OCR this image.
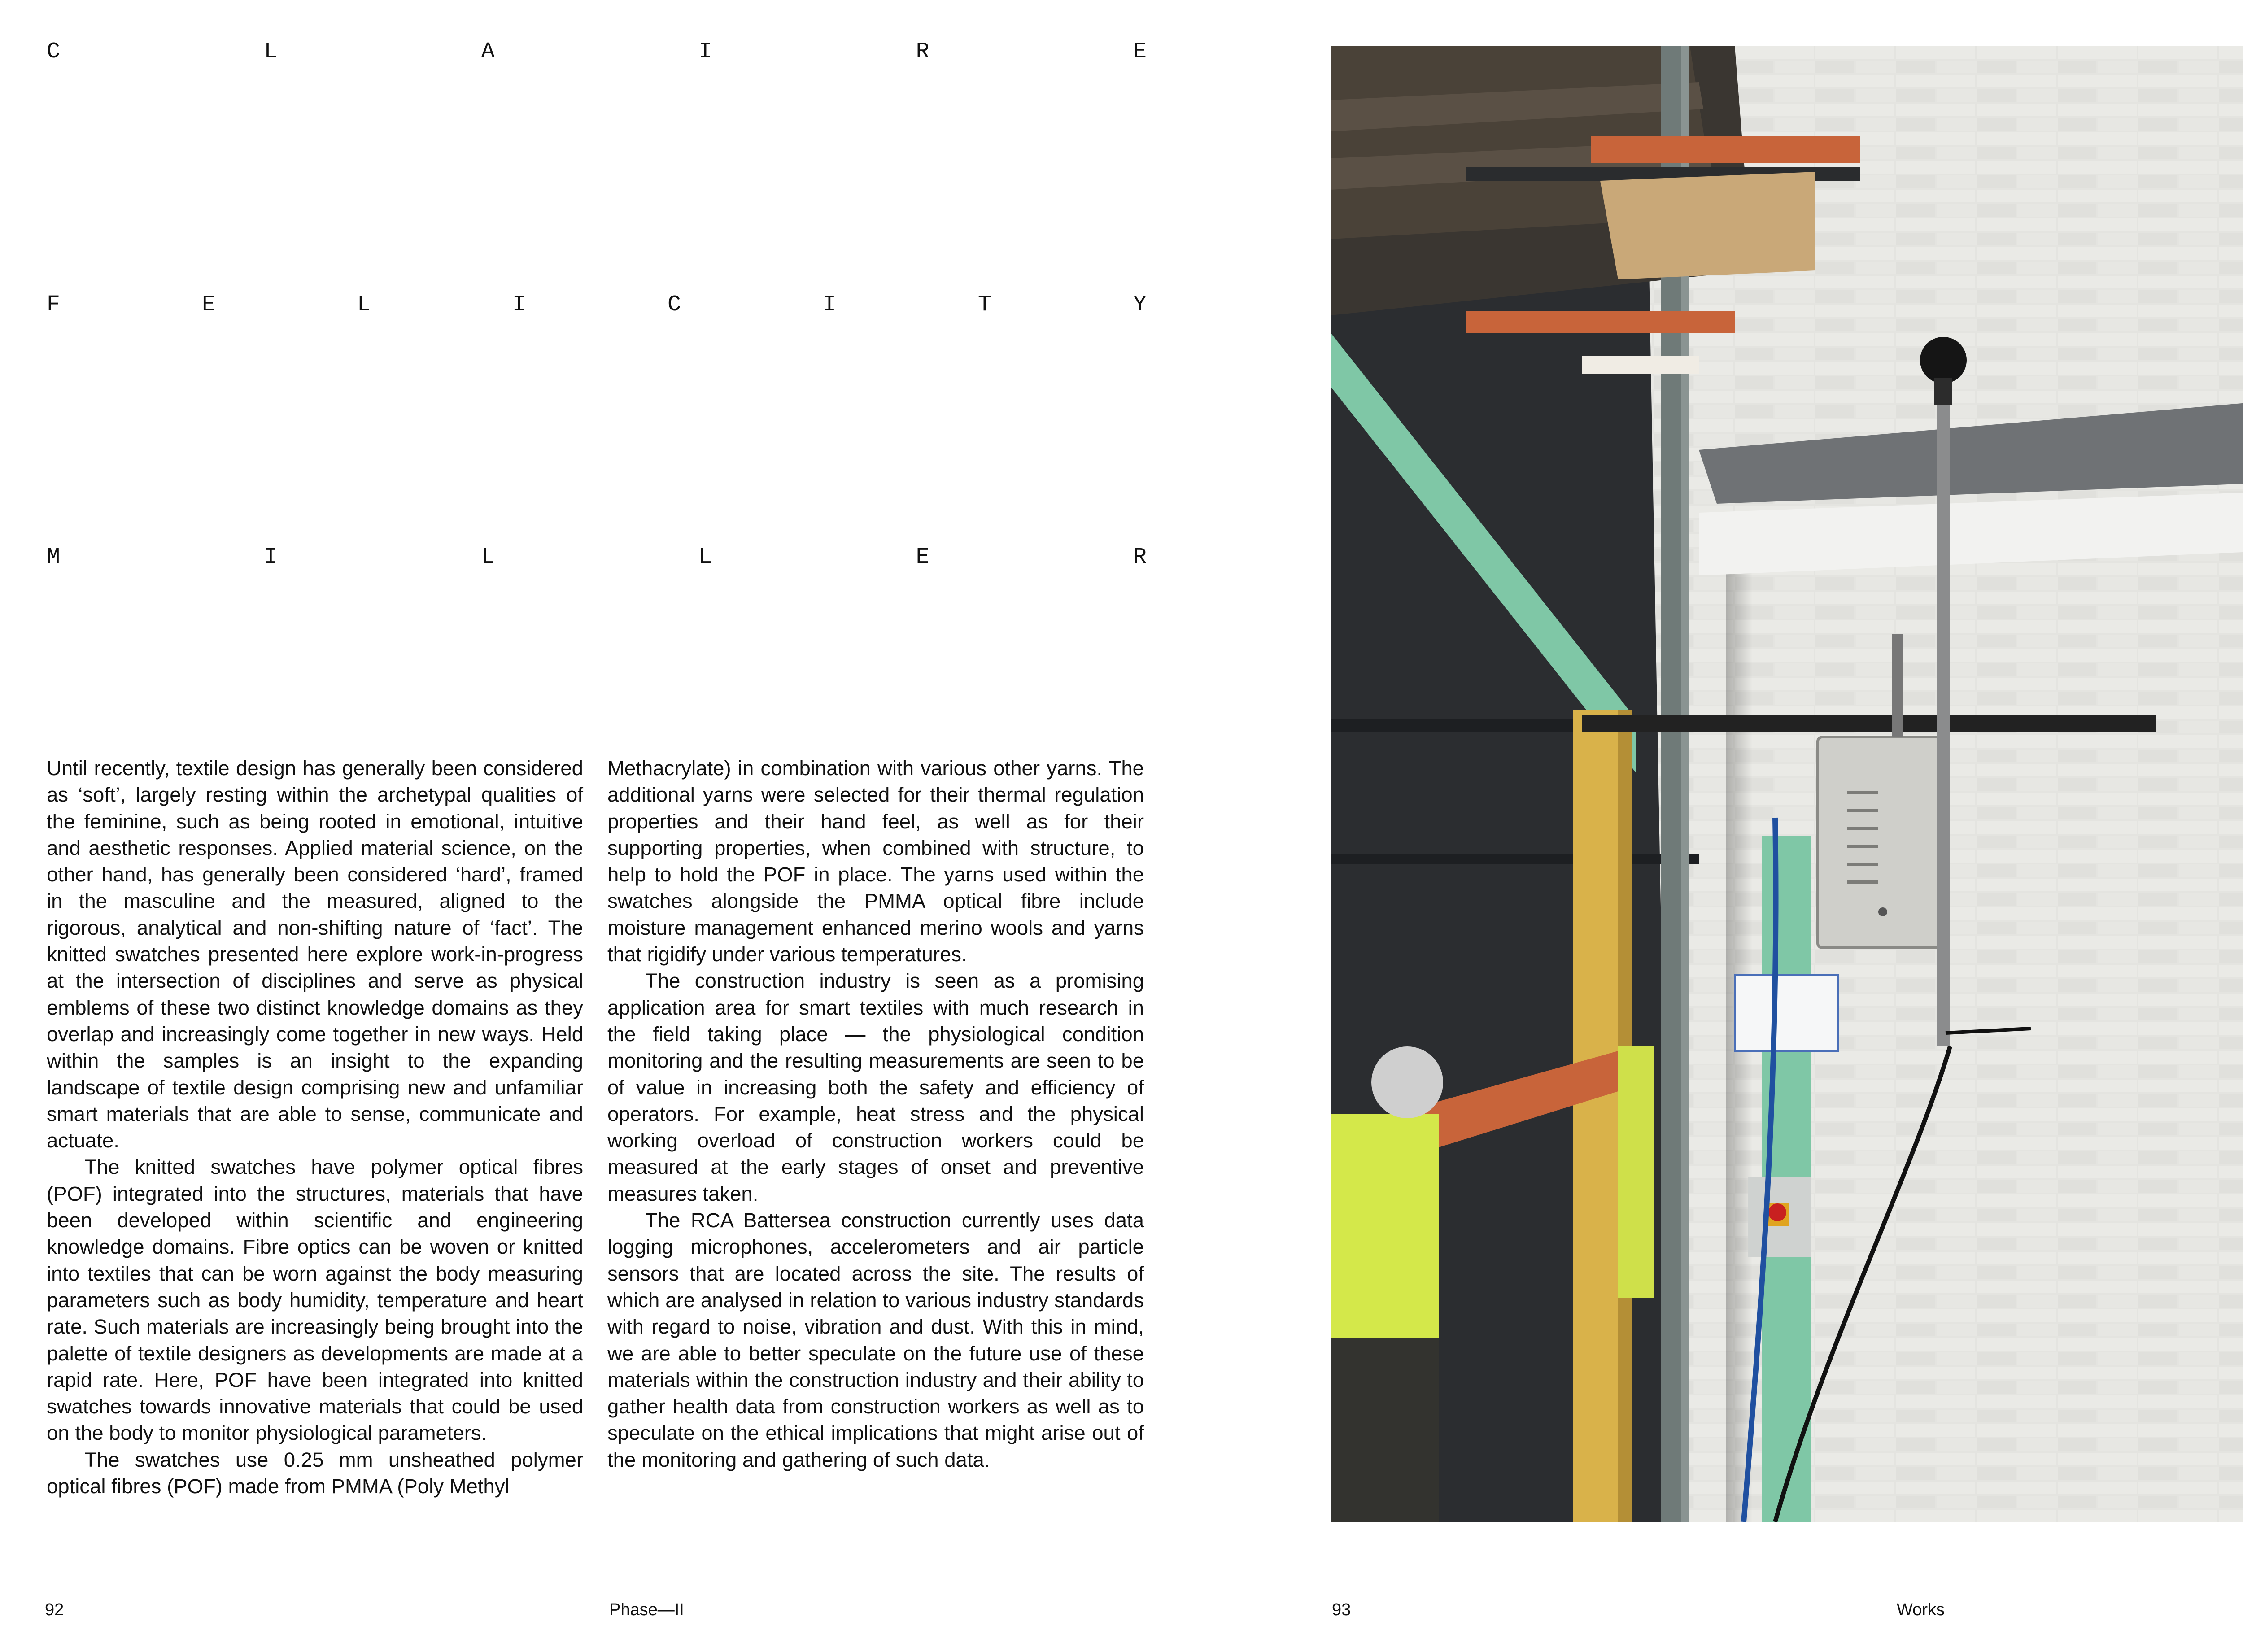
C	L	A	I	R	E
F	E	L	I	C	I	T	Y
M	I	L	L	E	R

Until recently, textile design has generally been considered as ‘soft’, largely resting within the archetypal qualities of the feminine, such as being rooted in emotional, intuitive and aesthetic responses. Applied material science, on the other hand, has generally been considered ‘hard’, framed in the masculine and the measured, aligned to the rigorous, analytical and non-shifting nature of ‘fact’. The knitted swatches presented here explore work-in-progress at the intersection of disciplines and serve as physical emblems of these two distinct knowledge domains as they overlap and increasingly come together in new ways. Held within the samples is an insight to the expanding landscape of textile design comprising new and unfamiliar smart materials that are able to sense, communicate and actuate.

The knitted swatches have polymer optical fibres (POF) integrated into the structures, materials that have been developed within scientific and engineering knowledge domains. Fibre optics can be woven or knitted into textiles that can be worn against the body measuring parameters such as body humidity, temperature and heart rate. Such materials are increasingly being brought into the palette of textile designers as developments are made at a rapid rate. Here, POF have been integrated into knitted swatches towards innovative materials that could be used on the body to monitor physiological parameters.

The swatches use 0.25 mm unsheathed polymer optical fibres (POF) made from PMMA (Poly Methyl

Methacrylate) in combination with various other yarns. The additional yarns were selected for their thermal regulation properties and their hand feel, as well as for their supporting properties, when combined with structure, to help to hold the POF in place. The yarns used within the swatches alongside the PMMA optical fibre include moisture management enhanced merino wools and yarns that rigidify under various temperatures.

The construction industry is seen as a promising application area for smart textiles with much research in the field taking place — the physiological condition monitoring and the resulting measurements are seen to be of value in increasing both the safety and efficiency of operators. For example, heat stress and the physical working overload of construction workers could be measured at the early stages of onset and preventive measures taken.

The RCA Battersea construction currently uses data logging microphones, accelerometers and air particle sensors that are located across the site. The results of which are analysed in relation to various industry standards with regard to noise, vibration and dust. With this in mind, we are able to better speculate on the future use of these materials within the construction industry and their ability to gather health data from construction workers as well as to speculate on the ethical implications that might arise out of the monitoring and gathering of such data.

92	Phase—II	93	Works
